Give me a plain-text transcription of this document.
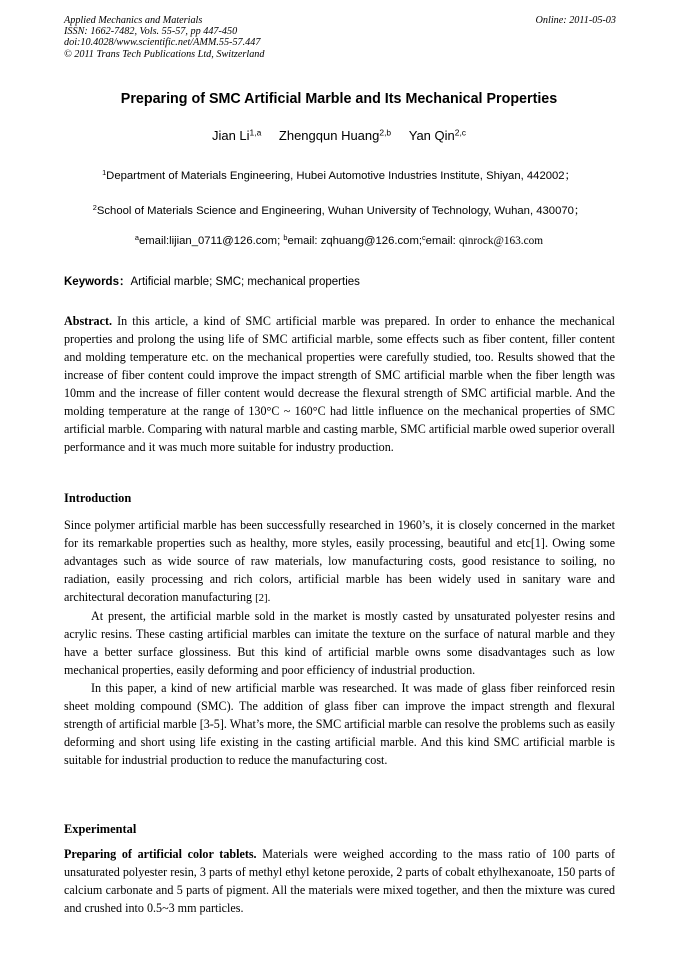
Applied Mechanics and Materials
ISSN: 1662-7482, Vols. 55-57, pp 447-450
doi:10.4028/www.scientific.net/AMM.55-57.447
© 2011 Trans Tech Publications Ltd, Switzerland
Online: 2011-05-03
Preparing of SMC Artificial Marble and Its Mechanical Properties
Jian Li$^{1,a}$ Zhengqun Huang$^{2,b}$ Yan Qin$^{2,c}$
$^1$Department of Materials Engineering, Hubei Automotive Industries Institute, Shiyan, 442002；
$^2$School of Materials Science and Engineering, Wuhan University of Technology, Wuhan, 430070；
$^a$email:lijian_0711@126.com; $^b$email: zqhuang@126.com;$^c$email: qinrock@163.com
Keywords：Artificial marble; SMC; mechanical properties
Abstract. In this article, a kind of SMC artificial marble was prepared. In order to enhance the mechanical properties and prolong the using life of SMC artificial marble, some effects such as fiber content, filler content and molding temperature etc. on the mechanical properties were carefully studied, too. Results showed that the increase of fiber content could improve the impact strength of SMC artificial marble when the fiber length was 10mm and the increase of filler content would decrease the flexural strength of SMC artificial marble. And the molding temperature at the range of 130°C ~ 160°C had little influence on the mechanical properties of SMC artificial marble. Comparing with natural marble and casting marble, SMC artificial marble owed superior overall performance and it was much more suitable for industry production.
Introduction

Since polymer artificial marble has been successfully researched in 1960’s, it is closely concerned in the market for its remarkable properties such as healthy, more styles, easily processing, beautiful and etc[1]. Owing some advantages such as wide source of raw materials, low manufacturing costs, good resistance to soiling, no radiation, easily processing and rich colors, artificial marble has been widely used in sanitary ware and architectural decoration manufacturing [2].

At present, the artificial marble sold in the market is mostly casted by unsaturated polyester resins and acrylic resins. These casting artificial marbles can imitate the texture on the surface of natural marble and they have a better surface glossiness. But this kind of artificial marble owns some disadvantages such as low mechanical properties, easily deforming and poor efficiency of industrial production.

In this paper, a kind of new artificial marble was researched. It was made of glass fiber reinforced resin sheet molding compound (SMC). The addition of glass fiber can improve the impact strength and flexural strength of artificial marble [3-5]. What’s more, the SMC artificial marble can resolve the problems such as easily deforming and short using life existing in the casting artificial marble. And this kind SMC artificial marble is suitable for industrial production to reduce the manufacturing cost.

Experimental
Preparing of artificial color tablets. Materials were weighed according to the mass ratio of 100 parts of unsaturated polyester resin, 3 parts of methyl ethyl ketone peroxide, 2 parts of cobalt ethylhexanoate, 150 parts of calcium carbonate and 5 parts of pigment. All the materials were mixed together, and then the mixture was cured and crushed into 0.5~3 mm particles.
